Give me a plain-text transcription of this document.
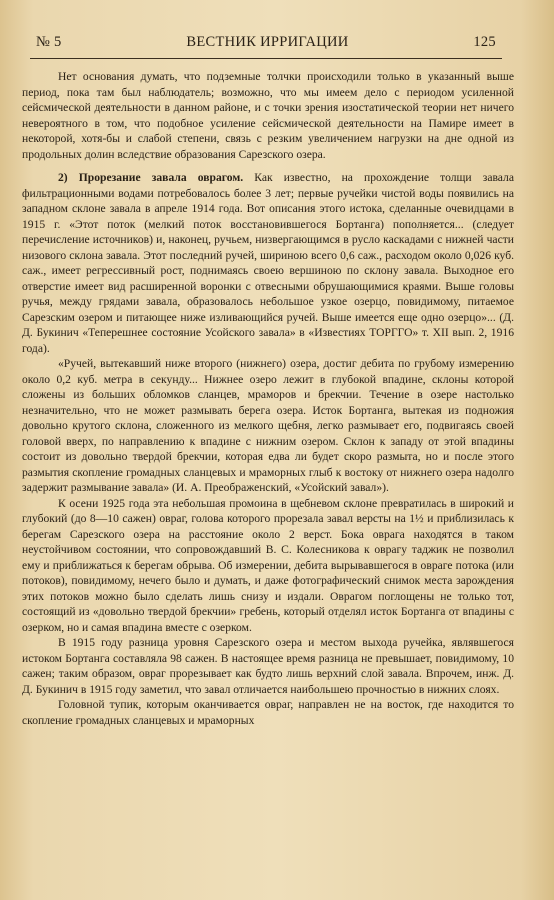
№ 5	ВЕСТНИК ИРРИГАЦИИ	125

Нет основания думать, что подземные толчки происходили только в указанный выше период, пока там был наблюдатель; возможно, что мы имеем дело с периодом усиленной сейсмической деятельности в данном районе, и с точки зрения изостатической теории нет ничего невероятного в том, что подобное усиление сейсмической деятельности на Памире имеет в некоторой, хотя-бы и слабой степени, связь с резким увеличением нагрузки на дне одной из продольных долин вследствие образования Сарезского озера.

2) Прорезание завала оврагом. Как известно, на прохождение толщи завала фильтрационными водами потребовалось более 3 лет; первые ручейки чистой воды появились на западном склоне завала в апреле 1914 года. Вот описания этого истока, сделанные очевидцами в 1915 г. «Этот поток (мелкий поток восстановившегося Бортанга) пополняется... (следует перечисление источников) и, наконец, ручьем, низвергающимся в русло каскадами с нижней части низового склона завала. Этот последний ручей, шириною всего 0,6 саж., расходом около 0,026 куб. саж., имеет регрессивный рост, поднимаясь своею вершиною по склону завала. Выходное его отверстие имеет вид расширенной воронки с отвесными обрушающимися краями. Выше головы ручья, между грядами завала, образовалось небольшое узкое озерцо, повидимому, питаемое Сарезским озером и питающее ниже изливающийся ручей. Выше имеется еще одно озерцо»... (Д. Д. Букинич «Теперешнее состояние Усойского завала» в «Известиях ТОРГГО» т. XII вып. 2, 1916 года).

«Ручей, вытекавший ниже второго (нижнего) озера, достиг дебита по грубому измерению около 0,2 куб. метра в секунду... Нижнее озеро лежит в глубокой впадине, склоны которой сложены из больших обломков сланцев, мраморов и брекчии. Течение в озере настолько незначительно, что не может размывать берега озера. Исток Бортанга, вытекая из подножия довольно крутого склона, сложенного из мелкого щебня, легко размывает его, подвигаясь своей головой вверх, по направлению к впадине с нижним озером. Склон к западу от этой впадины состоит из довольно твердой брекчии, которая едва ли будет скоро размыта, но и после этого размытия скопление громадных сланцевых и мраморных глыб к востоку от нижнего озера надолго задержит размывание завала» (И. А. Преображенский, «Усойский завал»).

К осени 1925 года эта небольшая промоина в щебневом склоне превратилась в широкий и глубокий (до 8—10 сажен) овраг, голова которого прорезала завал версты на 1½ и приблизилась к берегам Сарезского озера на расстояние около 2 верст. Бока оврага находятся в таком неустойчивом состоянии, что сопровождавший В. С. Колесникова к оврагу таджик не позволил ему и приближаться к берегам обрыва. Об измерении, дебита вырывавшегося в овраге потока (или потоков), повидимому, нечего было и думать, и даже фотографический снимок места зарождения этих потоков можно было сделать лишь снизу и издали. Оврагом поглощены не только тот, состоящий из «довольно твердой брекчии» гребень, который отделял исток Бортанга от впадины с озерком, но и самая впадина вместе с озерком.

В 1915 году разница уровня Сарезского озера и местом выхода ручейка, являвшегося истоком Бортанга составляла 98 сажен. В настоящее время разница не превышает, повидимому, 10 сажен; таким образом, овраг прорезывает как будто лишь верхний слой завала. Впрочем, инж. Д. Д. Букинич в 1915 году заметил, что завал отличается наибольшею прочностью в нижних слоях.

Головной тупик, которым оканчивается овраг, направлен не на восток, где находится то скопление громадных сланцевых и мраморных
